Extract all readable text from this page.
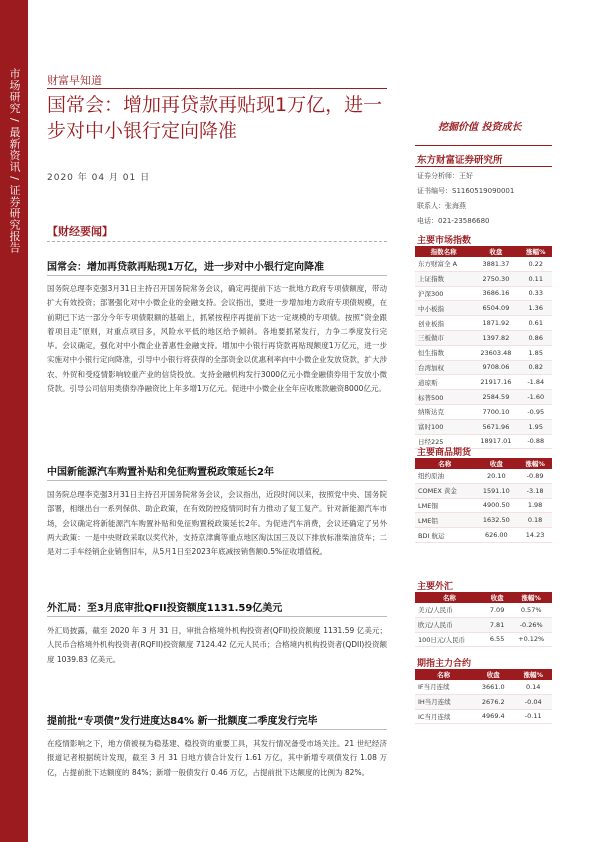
市场研究 / 最新资讯 / 证券研究报告 财富早知道
国常会：增加再贷款再贴现1万亿，进一步对中小银行定向降准
2020 年 04 月 01 日
挖掘价值 投资成长
东方财富证券研究所
证券分析师：王好
证书编号：S1160519090001
联系人：张海燕
电话：021-23586680
主要市场指数
指数名称	收盘	涨幅%
东方财富全 A	3881.37	0.22
上证指数	2750.30	0.11
沪深300	3686.16	0.33
中小板指	6504.09	1.36
创业板指	1871.92	0.61
三板做市	1397.82	0.86
恒生指数	23603.48	1.85
台湾加权	9708.06	0.82
道琼斯	21917.16	-1.84
标普500	2584.59	-1.60
纳斯达克	7700.10	-0.95
富时100	5671.96	1.95
日经225	18917.01	-0.88
主要商品期货
名称	收盘	涨幅%
纽约原油	20.10	-0.89
COMEX 黄金	1591.10	-3.18
LME铜	4900.50	1.98
LME铝	1632.50	0.18
BDI 航运	626.00	14.23
主要外汇
名称	收盘	涨幅%
美元/人民币	7.09	0.57%
欧元/人民币	7.81	-0.26%
100日元/人民币	6.55	+0.12%
期指主力合约
名称	收盘	涨幅%
IF当月连续	3661.0	0.14
IH当月连续	2676.2	-0.04
IC当月连续	4969.4	-0.11
【财经要闻】
国常会：增加再贷款再贴现1万亿，进一步对中小银行定向降准
国务院总理李克强3月31日主持召开国务院常务会议，确定再提前下达一批地方政府专项债额度，带动扩大有效投资；部署强化对中小微企业的金融支持。会议指出，要进一步增加地方政府专项债规模，在前期已下达一部分今年专项债限额的基础上，抓紧按程序再提前下达一定规模的专项债。按照“资金跟着项目走”原则，对重点项目多，风险水平低的地区给予倾斜。各地要抓紧发行，力争二季度发行完毕。会议确定，强化对中小微企业普惠性金融支持。增加中小银行再贷款再贴现额度1万亿元，进一步实施对中小银行定向降准，引导中小银行将获得的全部资金以优惠利率向中小微企业发放贷款，扩大涉农、外贸和受疫情影响较重产业的信贷投放。支持金融机构发行3000亿元小微金融债券用于发放小微贷款。引导公司信用类债券净融资比上年多增1万亿元。促进中小微企业全年应收账款融资8000亿元。
中国新能源汽车购置补贴和免征购置税政策延长2年
国务院总理李克强3月31日主持召开国务院常务会议，会议指出，近段时间以来，按照党中央、国务院部署，相继出台一系列保供、助企政策，在有效防控疫情同时有力推动了复工复产。针对新能源汽车市场，会议确定将新能源汽车购置补贴和免征购置税政策延长2年。为促进汽车消费，会议还确定了另外两大政策：一是中央财政采取以奖代补，支持京津冀等重点地区淘汰国三及以下排放标准柴油货车；二是对二手车经销企业销售旧车，从5月1日至2023年底减按销售额0.5%征收增值税。
外汇局：至3月底审批QFII投资额度1131.59亿美元
外汇局披露，截至 2020 年 3 月 31 日，审批合格境外机构投资者(QFII)投资额度 1131.59 亿美元；人民币合格境外机构投资者(RQFII)投资额度 7124.42 亿元人民币；合格境内机构投资者(QDII)投资额度 1039.83 亿美元。
提前批“专项债”发行进度达84% 新一批额度二季度发行完毕
在疫情影响之下，地方债被视为稳基建、稳投资的重要工具，其发行情况备受市场关注。21 世纪经济报道记者根据统计发现，截至 3 月 31 日地方债合计发行 1.61 万亿，其中新增专项债发行 1.08 万亿，占提前批下达额度的 84%；新增一般债发行 0.46 万亿，占提前批下达额度的比例为 82%。
